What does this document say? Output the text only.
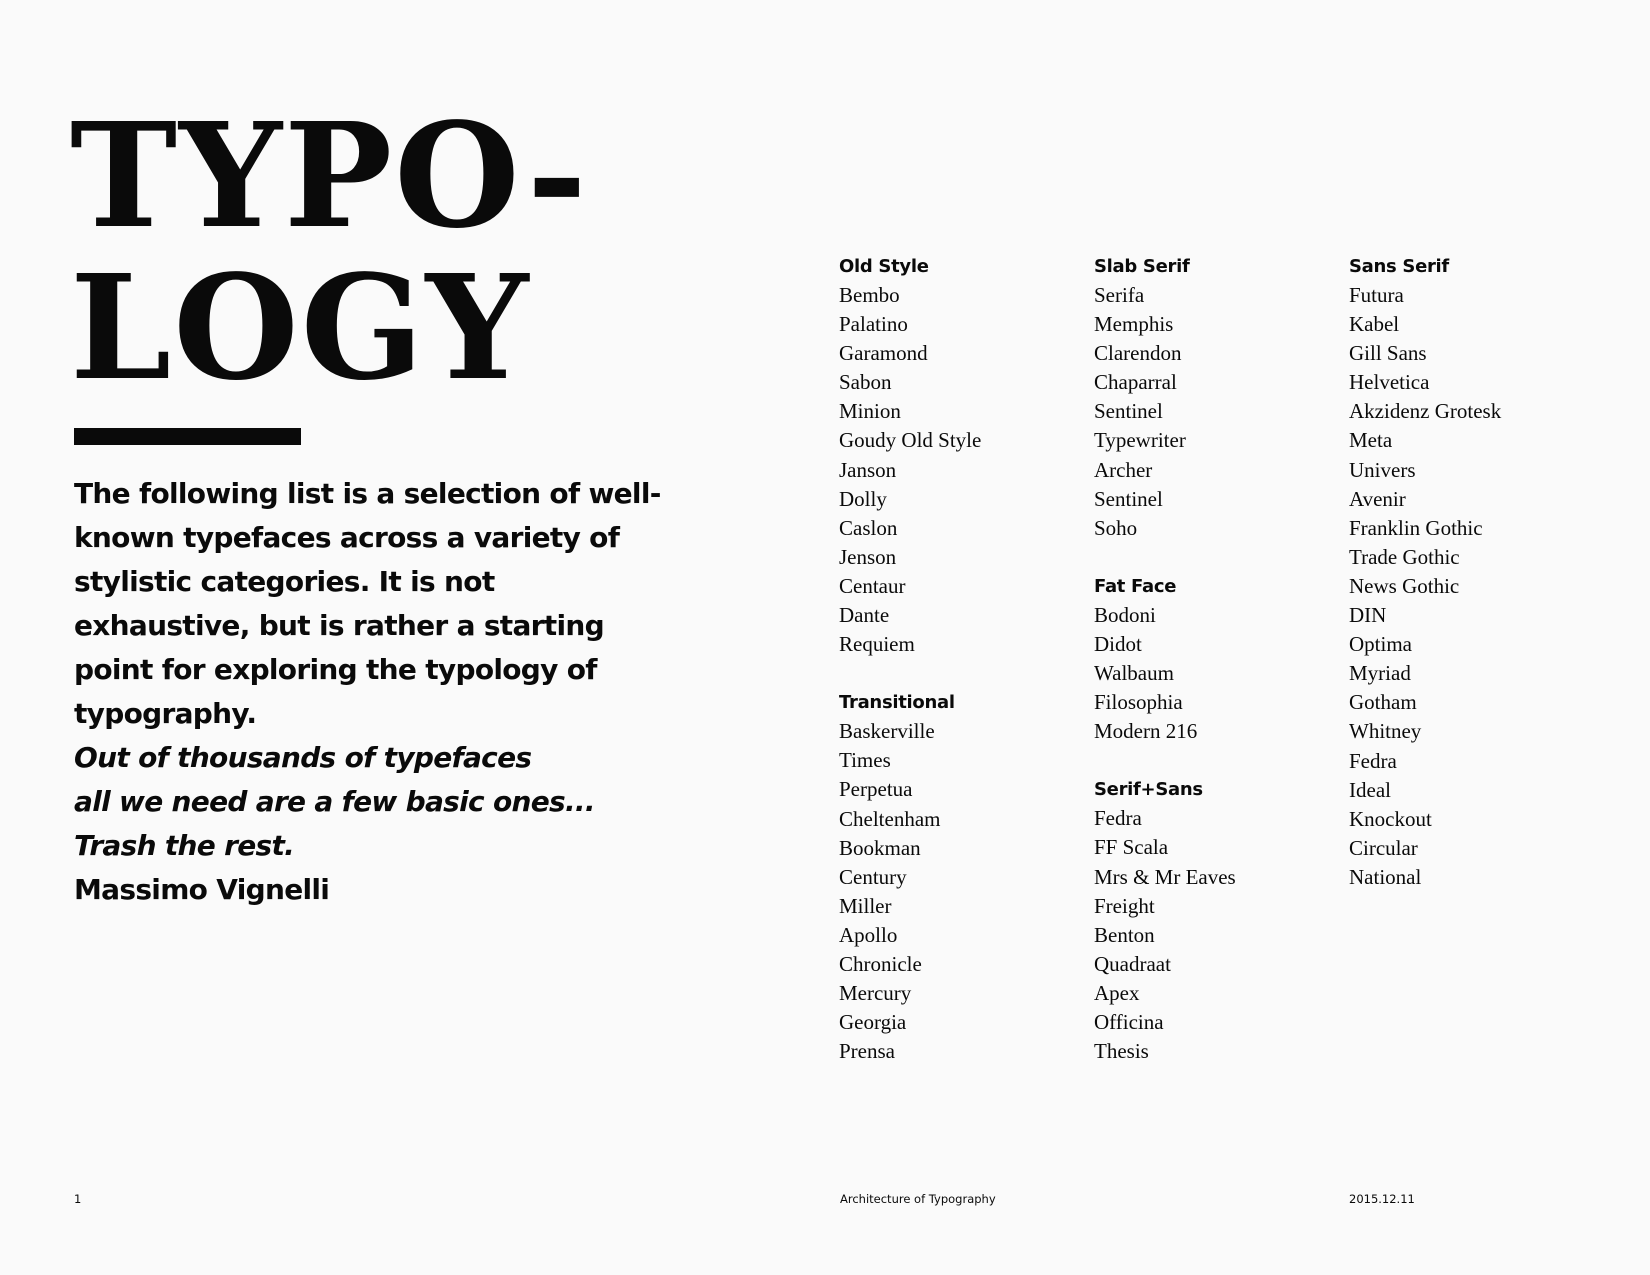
TYPO-
LOGY

The following list is a selection of well-known typefaces across a variety of stylistic categories. It is not exhaustive, but is rather a starting point for exploring the typology of typography.

Out of thousands of typefaces
all we need are a few basic ones...
Trash the rest.
Massimo Vignelli

Old Style
Bembo
Palatino
Garamond
Sabon
Minion
Goudy Old Style
Janson
Dolly
Caslon
Jenson
Centaur
Dante
Requiem
Transitional
Baskerville
Times
Perpetua
Cheltenham
Bookman
Century
Miller
Apollo
Chronicle
Mercury
Georgia
Prensa
Slab Serif
Serifa
Memphis
Clarendon
Chaparral
Sentinel
Typewriter
Archer
Sentinel
Soho
Fat Face
Bodoni
Didot
Walbaum
Filosophia
Modern 216
Serif+Sans
Fedra
FF Scala
Mrs & Mr Eaves
Freight
Benton
Quadraat
Apex
Officina
Thesis
Sans Serif
Futura
Kabel
Gill Sans
Helvetica
Akzidenz Grotesk
Meta
Univers
Avenir
Franklin Gothic
Trade Gothic
News Gothic
DIN
Optima
Myriad
Gotham
Whitney
Fedra
Ideal
Knockout
Circular
National
1	Architecture of Typography	2015.12.11
